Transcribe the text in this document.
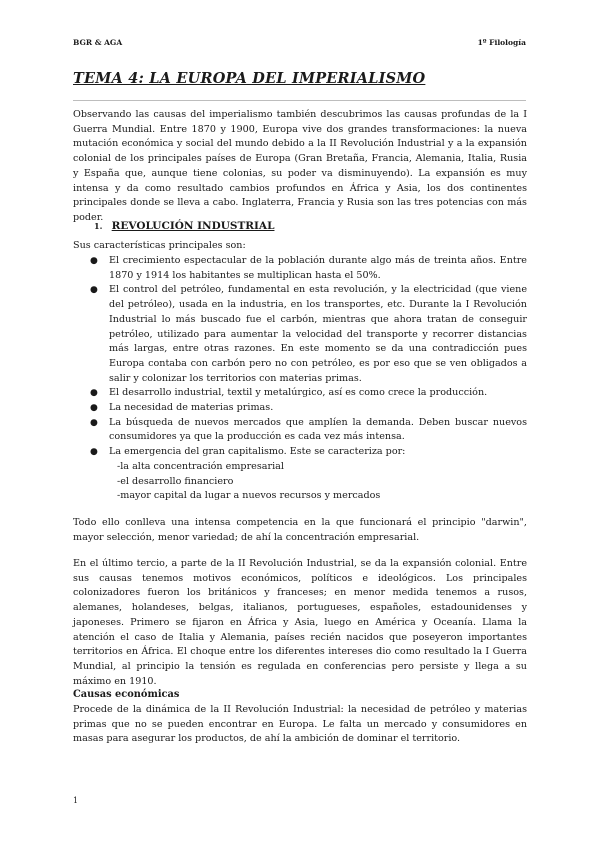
BGR & AGA	1º Filología
TEMA 4: LA EUROPA DEL IMPERIALISMO

Observando las causas del imperialismo también descubrimos las causas profundas de la I Guerra Mundial. Entre 1870 y 1900, Europa vive dos grandes transformaciones: la nueva mutación económica y social del mundo debido a la II Revolución Industrial y a la expansión colonial de los principales países de Europa (Gran Bretaña, Francia, Alemania, Italia, Rusia y España que, aunque tiene colonias, su poder va disminuyendo). La expansión es muy intensa y da como resultado cambios profundos en África y Asia, los dos continentes principales donde se lleva a cabo. Inglaterra, Francia y Rusia son las tres potencias con más poder.

1. REVOLUCIÓN INDUSTRIAL
Sus características principales son:
● El crecimiento espectacular de la población durante algo más de treinta años. Entre 1870 y 1914 los habitantes se multiplican hasta el 50%.
● El control del petróleo, fundamental en esta revolución, y la electricidad (que viene del petróleo), usada en la industria, en los transportes, etc. Durante la I Revolución Industrial lo más buscado fue el carbón, mientras que ahora tratan de conseguir petróleo, utilizado para aumentar la velocidad del transporte y recorrer distancias más largas, entre otras razones. En este momento se da una contradicción pues Europa contaba con carbón pero no con petróleo, es por eso que se ven obligados a salir y colonizar los territorios con materias primas.
● El desarrollo industrial, textil y metalúrgico, así es como crece la producción.
● La necesidad de materias primas.
● La búsqueda de nuevos mercados que amplíen la demanda. Deben buscar nuevos consumidores ya que la producción es cada vez más intensa.
● La emergencia del gran capitalismo. Este se caracteriza por:
-la alta concentración empresarial
-el desarrollo financiero
-mayor capital da lugar a nuevos recursos y mercados

Todo ello conlleva una intensa competencia en la que funcionará el principio "darwin", mayor selección, menor variedad; de ahí la concentración empresarial.

En el último tercio, a parte de la II Revolución Industrial, se da la expansión colonial. Entre sus causas tenemos motivos económicos, políticos e ideológicos. Los principales colonizadores fueron los británicos y franceses; en menor medida tenemos a rusos, alemanes, holandeses, belgas, italianos, portugueses, españoles, estadounidenses y japoneses. Primero se fijaron en África y Asia, luego en América y Oceanía. Llama la atención el caso de Italia y Alemania, países recién nacidos que poseyeron importantes territorios en África. El choque entre los diferentes intereses dio como resultado la I Guerra Mundial, al principio la tensión es regulada en conferencias pero persiste y llega a su máximo en 1910.

Causas económicas

Procede de la dinámica de la II Revolución Industrial: la necesidad de petróleo y materias primas que no se pueden encontrar en Europa. Le falta un mercado y consumidores en masas para asegurar los productos, de ahí la ambición de dominar el territorio.

1
